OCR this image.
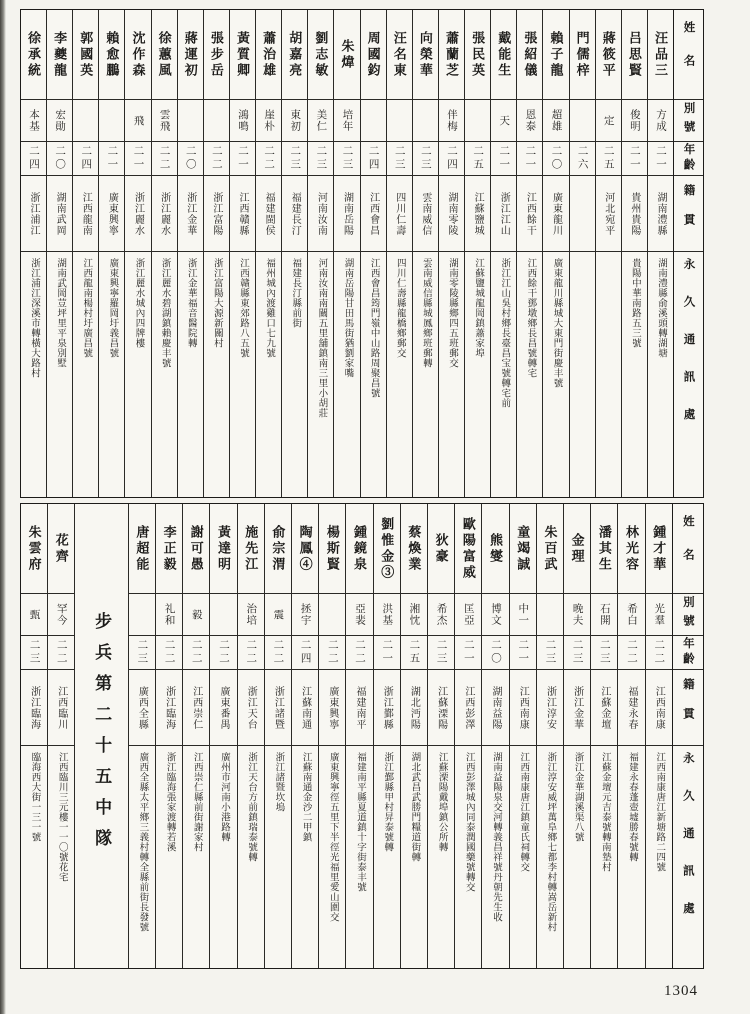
姓名
別號
年齡
籍貫
永久通訊處
汪品三
方成
二一
湖南澧縣
湖南澧縣俞溪頭轉湖塘
吕思賢
俊明
二一
貴州貴陽
貴陽中華南路五三號
蔣筱平
定
二五
河北宛平
門儒梓
二六
賴子龍
超雄
二〇
廣東龍川
廣東龍川縣城大東門街慶丰號
張紹儀
恩泰
二一
江西餘干
江西餘干鄧墩鄉長昌號轉宅
戴能生
天
二一
浙江江山
浙江江山吳村鄉長臺昌宝號轉宅前
張民英
二五
江蘇鹽城
江蘇鹽城龍岡鎮蕭家埠
蕭蘭芝
伴梅
二四
湖南零陵
湖南零陵縣鄉四五班郵交
向榮華
二三
雲南威信
雲南威信縣城鳳鄉班郵轉
汪名東
二三
四川仁壽
四川仁壽縣龍橋鄉郵交
周國鈞
二四
江西會昌
江西會昌筠門嶺中山路周聚昌號
朱煒
培年
二三
湖南岳陽
湖南岳陽甘田馬街猶劉家嘴
劉志敏
美仁
二三
河南汝南
河南汝南南關五里舖鎮南三里小胡莊
胡嘉亮
東初
二三
福建長汀
福建長汀縣前街
蕭治雄
崖朴
二二
福建閩侯
福州城內渡雞口七九號
黃質卿
鴻鳴
二一
江西贛縣
江西贛縣東郊路八五號
張步岳
二二
浙江富陽
浙江富陽大源新關村
蔣運初
二〇
浙江金華
浙江金華福音醫院轉
徐蕙風
雲飛
二二
浙江麗水
浙江麗水碧湖鎮賴慶丰號
沈作森
飛
二一
浙江麗水
浙江麗水城內四牌樓
賴愈鵬
二一
廣東興寧
廣東興寧羅岡圩義昌號
郭國英
二四
江西龍南
江西龍南楊村圩廣昌號
李夔龍
宏勛
二〇
湖南武岡
湖南武岡荳坪里平泉別墅
徐承統
本基
二四
浙江浦江
浙江浦江深溪市轉橫大路村
姓名
別號
年齡
籍貫
永久通訊處
鍾才華
光羣
二二
江西南康
江西南康唐江新塘路二四號
林光容
希白
二二
福建永春
福建永春蓬壺墟勝春號轉
潘其生
石開
二三
江蘇金壇
江蘇金壇元吉泰號轉南墊村
金理
晚夫
二三
浙江金華
浙江金華湖溪渠八號
朱百武
二三
浙江淳安
浙江淳安威坪萬阜鄉七都李村轉嵩岳新村
童竭誠
中一
二一
江西南康
江西南康唐江鎮童氏祠轉交
熊燮
博文
二〇
湖南益陽
湖南益陽泉交河轉義昌祥號丹朝先生收
歐陽富威
匡亞
二一
江西彭澤
江西彭澤城內同泰潤國藥號轉交
狄豪
希杰
二三
江蘇溧陽
江蘇溧陽戴埠鎮公所轉
蔡煥業
湘忱
二五
湖北沔陽
湖北武昌武勝門糧道街轉
劉惟金③
洪基
二一
浙江鄞縣
浙江鄞縣甲村昇泰號轉
鍾鏡泉
亞裴
二二
福建南平
福建南平縣夏道鎮十字街泰丰號
楊斯賢
二二
廣東興寧
廣東興寧徑五里下半徑光福里愛山圍交
陶鳳④
拯宇
二四
江蘇南通
江蘇南通金沙二甲鎮
俞宗渭
震
二二
浙江諸暨
浙江諸暨坎塢
施先江
治培
二二
浙江天台
浙江天台方前鎮瑞泰號轉
黃達明
二二
廣東番禺
廣州市河南小港路轉
謝可愚
毅
二二
江西崇仁
江西崇仁縣前街謝家村
李正毅
礼和
二二
浙江臨海
浙江臨海張家渡轉若溪
唐超能
二三
廣西全縣
廣西全縣太平鄉三義村轉全縣前街長發號
步兵第二十五中隊
花齊
罕今
二二
江西臨川
江西臨川三元樓一一〇號花宅
朱雲府
甄
二三
浙江臨海
臨海西大街一三一號
1304
